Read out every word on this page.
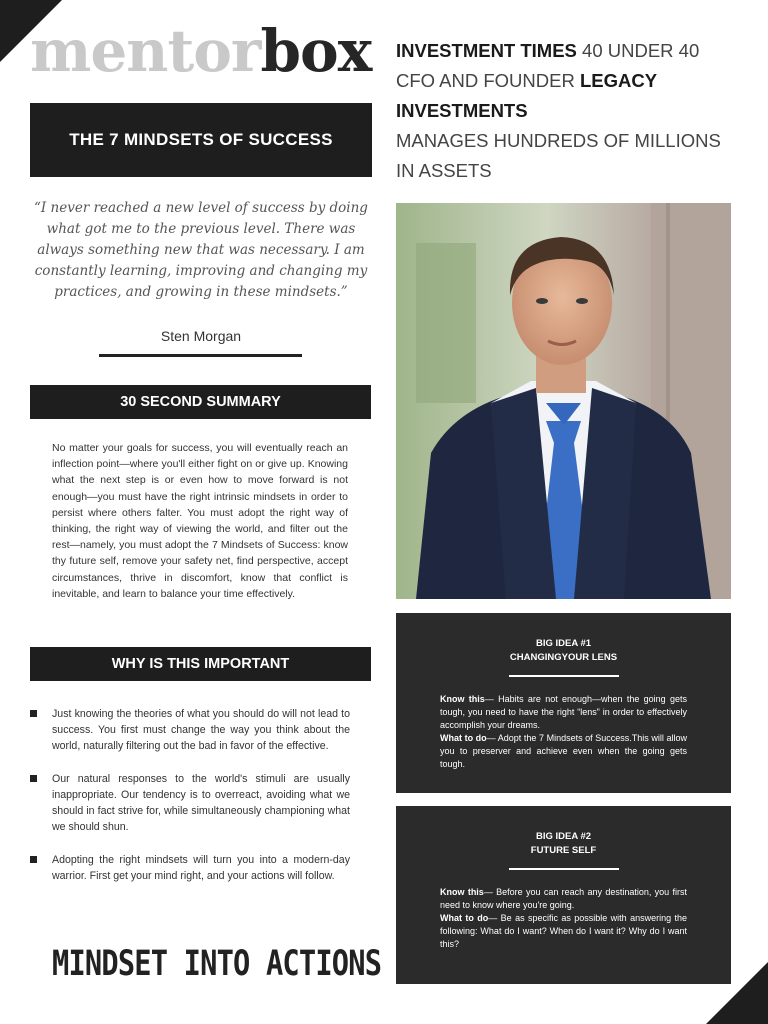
mentorbox
THE 7 MINDSETS OF SUCCESS
“I never reached a new level of success by doing what got me to the previous level. There was always something new that was necessary. I am constantly learning, improving and changing my practices, and growing in these mindsets.”
Sten Morgan
30 SECOND SUMMARY

No matter your goals for success, you will eventually reach an inflection point—where you'll either fight on or give up. Knowing what the next step is or even how to move forward is not enough—you must have the right intrinsic mindsets in order to persist where others falter. You must adopt the right way of thinking, the right way of viewing the world, and filter out the rest—namely, you must adopt the 7 Mindsets of Success: know thy future self, remove your safety net, find perspective, accept circumstances, thrive in discomfort, know that conflict is inevitable, and learn to balance your time effectively.

WHY IS THIS IMPORTANT
Just knowing the theories of what you should do will not lead to success. You first must change the way you think about the world, naturally filtering out the bad in favor of the effective.
Our natural responses to the world's stimuli are usually inappropriate. Our tendency is to overreact, avoiding what we should in fact strive for, while simultaneously championing what we should shun.
Adopting the right mindsets will turn you into a modern-day warrior. First get your mind right, and your actions will follow.
MINDSET INTO ACTIONS
INVESTMENT TIMES 40 UNDER 40
CFO AND FOUNDER LEGACY INVESTMENTS
MANAGES HUNDREDS OF MILLIONS IN ASSETS
BIG IDEA #1
CHANGINGYOUR LENS
Know this— Habits are not enough—when the going gets tough, you need to have the right “lens” in order to effectively accomplish your dreams.
What to do— Adopt the 7 Mindsets of Success.This will allow you to preserver and achieve even when the going gets tough.
BIG IDEA #2
FUTURE SELF
Know this— Before you can reach any destination, you first need to know where you're going.
What to do— Be as specific as possible with answering the following: What do I want? When do I want it? Why do I want this?
